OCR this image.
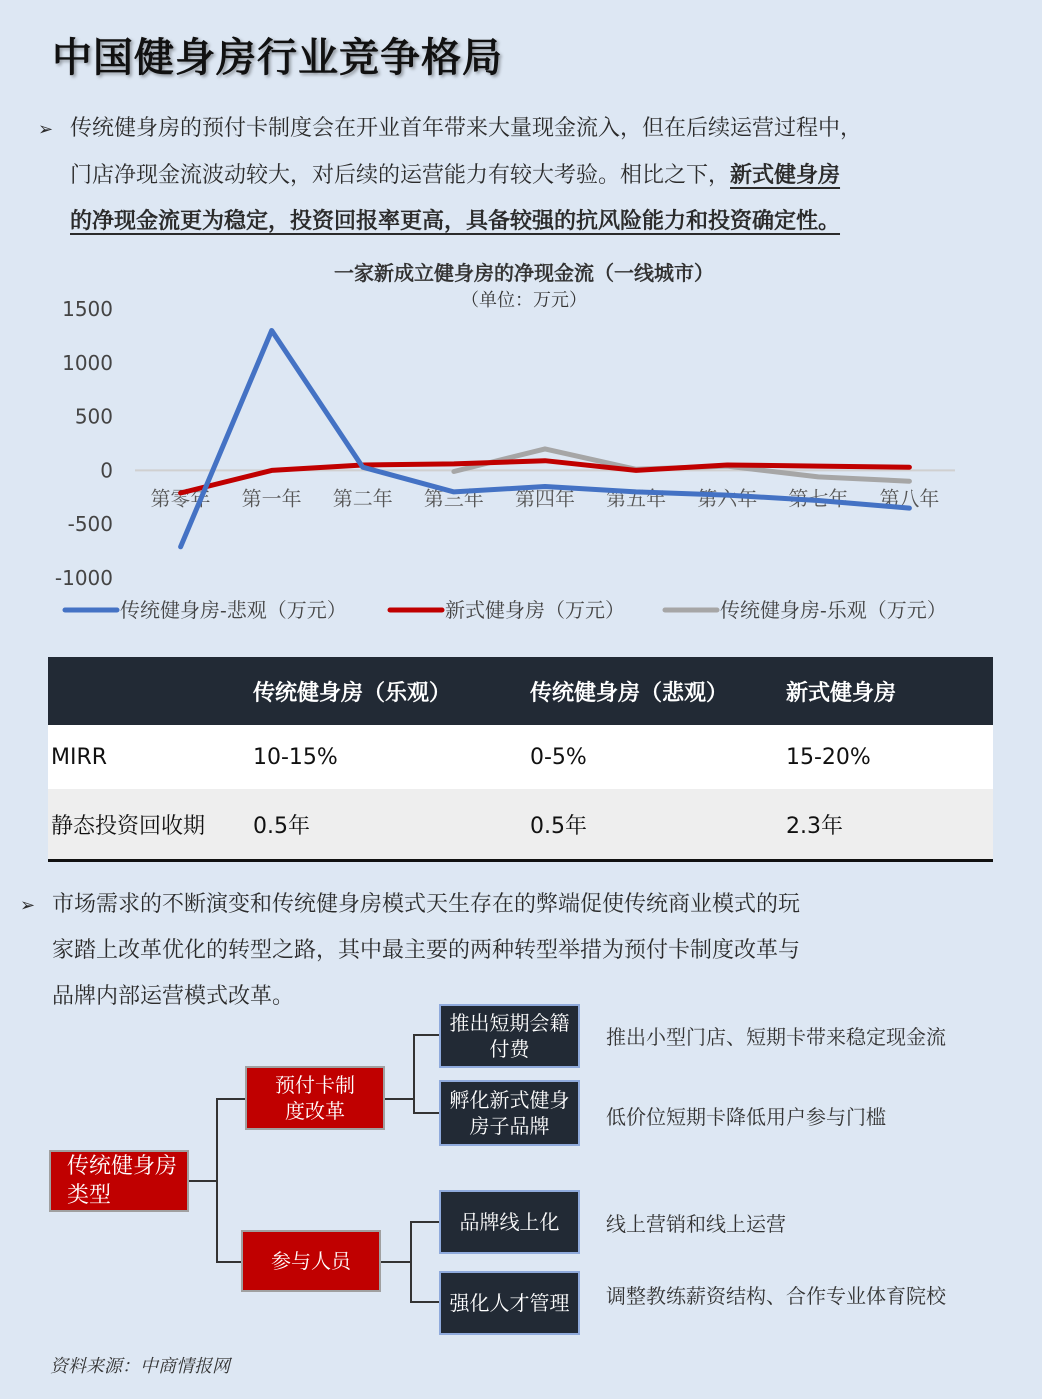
中国健身房行业竞争格局
➢ 传统健身房的预付卡制度会在开业首年带来大量现金流入，但在后续运营过程中，
门店净现金流波动较大，对后续的运营能力有较大考验。相比之下，新式健身房
的净现金流更为稳定，投资回报率更高，具备较强的抗风险能力和投资确定性。
一家新成立健身房的净现金流（一线城市）
（单位：万元）
1500
1000
500
0
-500
-1000
第零年 第一年 第二年 第三年 第四年 第五年 第六年 第七年 第八年
传统健身房-悲观（万元）	新式健身房（万元）	传统健身房-乐观（万元）
	传统健身房（乐观）	传统健身房（悲观）	新式健身房
MIRR	10-15%	0-5%	15-20%
静态投资回收期	0.5年	0.5年	2.3年
➢ 市场需求的不断演变和传统健身房模式天生存在的弊端促使传统商业模式的玩
家踏上改革优化的转型之路，其中最主要的两种转型举措为预付卡制度改革与
品牌内部运营模式改革。
传统健身房类型
预付卡制度改革
参与人员
推出短期会籍付费
孵化新式健身房子品牌
品牌线上化
强化人才管理
推出小型门店、短期卡带来稳定现金流
低价位短期卡降低用户参与门槛
线上营销和线上运营
调整教练薪资结构、合作专业体育院校
资料来源：中商情报网
